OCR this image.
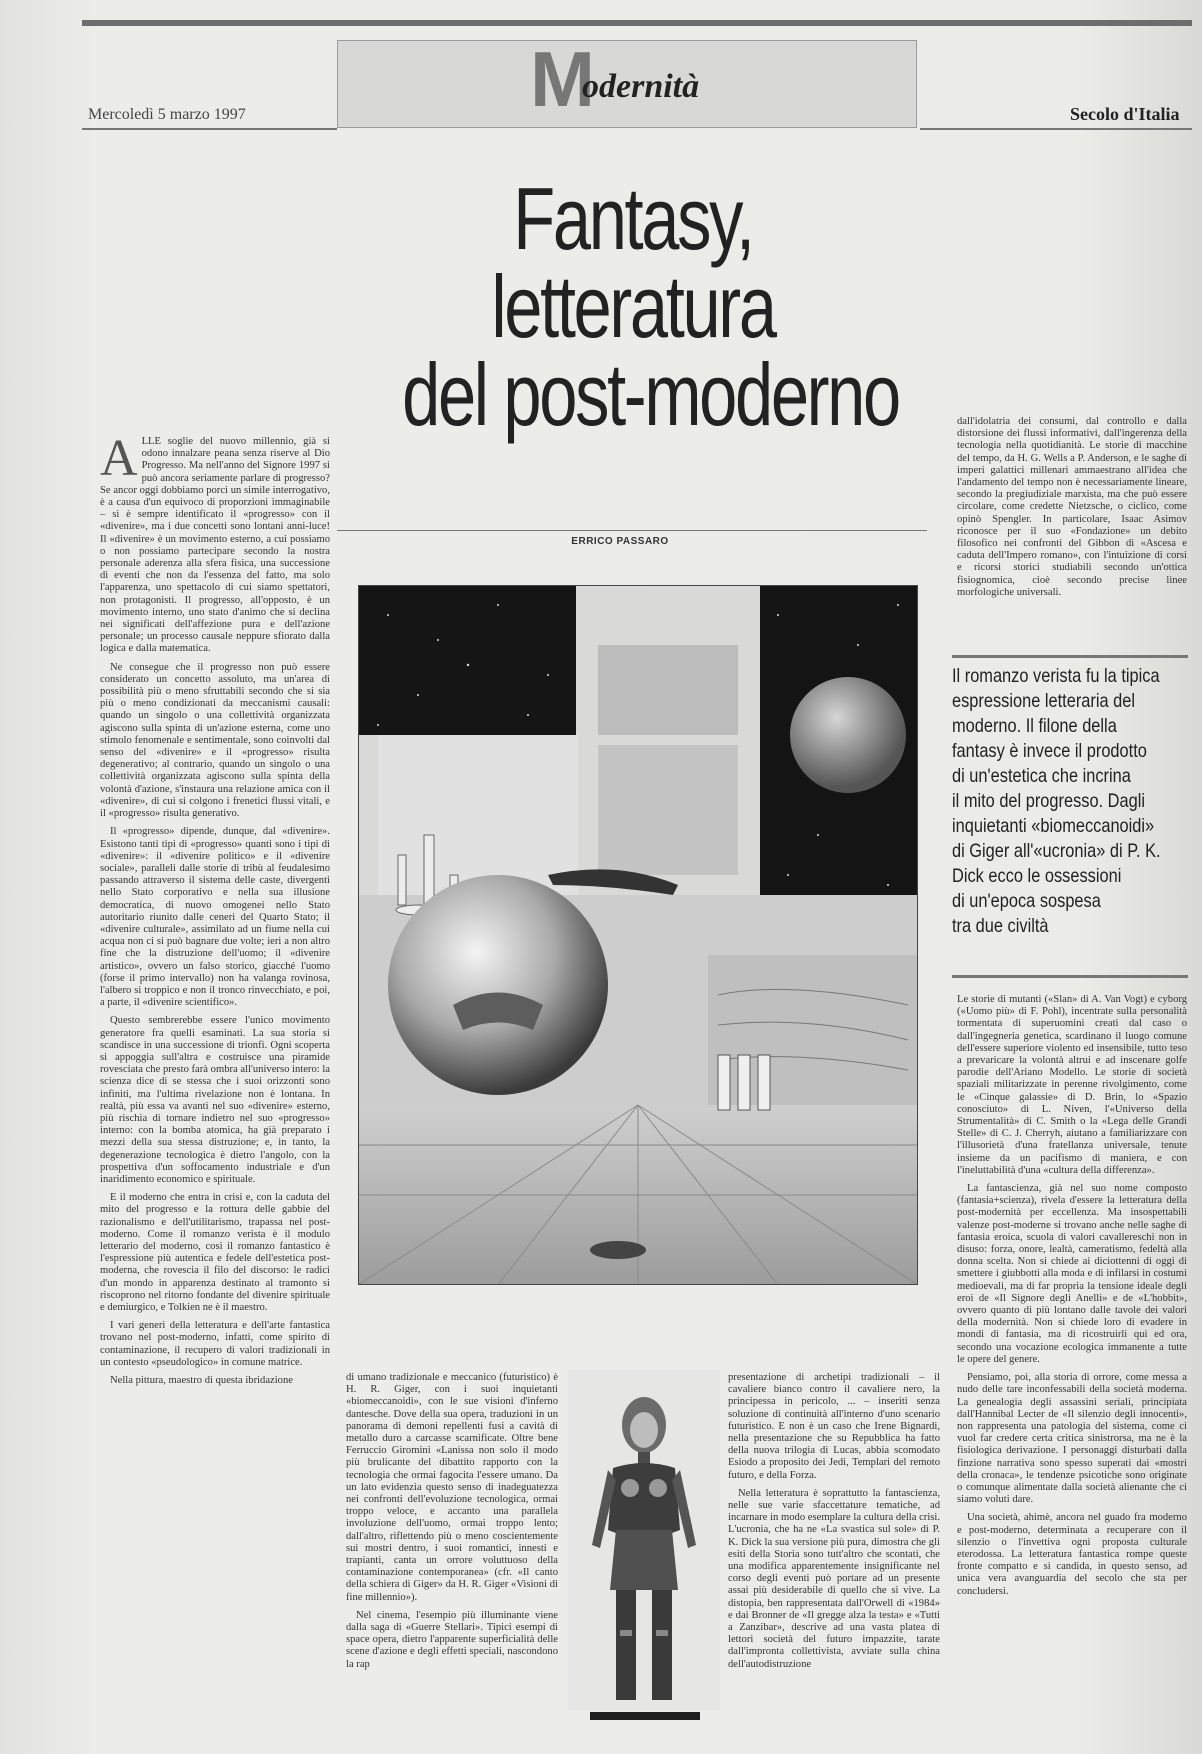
M
odernità
Mercoledì 5 marzo 1997	Secolo d'Italia
Fantasy,
letteratura
del post-moderno
ERRICO PASSARO

ALLE soglie del nuovo millennio, già si odono innalzare peana senza riserve al Dio Progresso. Ma nell'anno del Signore 1997 si può ancora seriamente parlare di progresso? Se ancor oggi dobbiamo porci un simile interrogativo, è a causa d'un equivoco di proporzioni immaginabile – si è sempre identificato il «progresso» con il «divenire», ma i due concetti sono lontani anni-luce! Il «divenire» è un movimento esterno, a cui possiamo o non possiamo partecipare secondo la nostra personale aderenza alla sfera fisica, una successione di eventi che non da l'essenza del fatto, ma solo l'apparenza, uno spettacolo di cui siamo spettatori, non protagonisti. Il progresso, all'opposto, è un movimento interno, uno stato d'animo che si declina nei significati dell'affezione pura e dell'azione personale; un processo causale neppure sfiorato dalla logica e dalla matematica.

Ne consegue che il progresso non può essere considerato un concetto assoluto, ma un'area di possibilità più o meno sfruttabili secondo che si sia più o meno condizionati da meccanismi causali: quando un singolo o una collettività organizzata agiscono sulla spinta di un'azione esterna, come uno stimolo fenomenale e sentimentale, sono coinvolti dal senso del «divenire» e il «progresso» risulta degenerativo; al contrario, quando un singolo o una collettività organizzata agiscono sulla spinta della volontà d'azione, s'instaura una relazione amica con il «divenire», di cui si colgono i frenetici flussi vitali, e il «progresso» risulta generativo.

Il «progresso» dipende, dunque, dal «divenire». Esistono tanti tipi di «progresso» quanti sono i tipi di «divenire»: il «divenire politico» e il «divenire sociale», paralleli dalle storie di tribù al feudalesimo passando attraverso il sistema delle caste, divergenti nello Stato corporativo e nella sua illusione democratica, di nuovo omogenei nello Stato autoritario riunito dalle ceneri del Quarto Stato; il «divenire culturale», assimilato ad un fiume nella cui acqua non ci si può bagnare due volte; ieri a non altro fine che la distruzione dell'uomo; il «divenire artistico», ovvero un falso storico, giacché l'uomo (forse il primo intervallo) non ha valanga rovinosa, l'albero si troppico e non il tronco rinvecchiato, e poi, a parte, il «divenire scientifico».

Questo sembrerebbe essere l'unico movimento generatore fra quelli esaminati. La sua storia si scandisce in una successione di trionfi. Ogni scoperta si appoggia sull'altra e costruisce una piramide rovesciata che presto farà ombra all'universo intero: la scienza dice di se stessa che i suoi orizzonti sono infiniti, ma l'ultima rivelazione non è lontana. In realtà, più essa va avanti nel suo «divenire» esterno, più rischia di tornare indietro nel suo «progresso» interno: con la bomba atomica, ha già preparato i mezzi della sua stessa distruzione; e, in tanto, la degenerazione tecnologica è dietro l'angolo, con la prospettiva d'un soffocamento industriale e d'un inaridimento economico e spirituale.

E il moderno che entra in crisi e, con la caduta del mito del progresso e la rottura delle gabbie del razionalismo e dell'utilitarismo, trapassa nel post-moderno. Come il romanzo verista è il modulo letterario del moderno, così il romanzo fantastico è l'espressione più autentica e fedele dell'estetica post-moderna, che rovescia il filo del discorso: le radici d'un mondo in apparenza destinato al tramonto si riscoprono nel ritorno fondante del divenire spirituale e demiurgico, e Tolkien ne è il maestro.

I vari generi della letteratura e dell'arte fantastica trovano nel post-moderno, infatti, come spirito di contaminazione, il recupero di valori tradizionali in un contesto «pseudologico» in comune matrice.

Nella pittura, maestro di questa ibridazione	di umano tradizionale e meccanico (futuristico) è H. R. Giger, con i suoi inquietanti «biomeccanoidi», con le sue visioni d'inferno dantesche. Dove della sua opera, traduzioni in un panorama di demoni repellenti fusi a cavità di metallo duro a carcasse scarnificate. Oltre bene Ferruccio Giromini «Lanissa non solo il modo più brulicante del dibattito rapporto con la tecnologia che ormai fagocita l'essere umano. Da un lato evidenzia questo senso di inadeguatezza nei confronti dell'evoluzione tecnologica, ormai troppo veloce, e accanto una parallela involuzione dell'uomo, ormai troppo lento; dall'altro, riflettendo più o meno coscientemente sui mostri dentro, i suoi romantici, innesti e trapianti, canta un orrore voluttuoso della contaminazione contemporanea» (cfr. «Il canto della schiera di Giger» da H. R. Giger «Visioni di fine millennio»).

Nel cinema, l'esempio più illuminante viene dalla saga di «Guerre Stellari». Tipici esempi di space opera, dietro l'apparente superficialità delle scene d'azione e degli effetti speciali, nascondono la rap

presentazione di archetipi tradizionali – il cavaliere bianco contro il cavaliere nero, la principessa in pericolo, ... – inseriti senza soluzione di continuità all'interno d'uno scenario futuristico. E non è un caso che Irene Bignardi, nella presentazione che su Repubblica ha fatto della nuova trilogia di Lucas, abbia scomodato Esiodo a proposito dei Jedi, Templari del remoto futuro, e della Forza.

Nella letteratura è soprattutto la fantascienza, nelle sue varie sfaccettature tematiche, ad incarnare in modo esemplare la cultura della crisi. L'ucronia, che ha ne «La svastica sul sole» di P. K. Dick la sua versione più pura, dimostra che gli esiti della Storia sono tutt'altro che scontati, che una modifica apparentemente insignificante nel corso degli eventi può portare ad un presente assai più desiderabile di quello che si vive. La distopia, ben rappresentata dall'Orwell di «1984» e dai Bronner de «Il gregge alza la testa» e «Tutti a Zanzibar», descrive ad una vasta platea di lettori società del futuro impazzite, tarate dall'impronta collettivista, avviate sulla china dell'autodistruzione

dall'idolatria dei consumi, dal controllo e dalla distorsione dei flussi informativi, dall'ingerenza della tecnologia nella quotidianità. Le storie di macchine del tempo, da H. G. Wells a P. Anderson, e le saghe di imperi galattici millenari ammaestrano all'idea che l'andamento del tempo non è necessariamente lineare, secondo la pregiudiziale marxista, ma che può essere circolare, come credette Nietzsche, o ciclico, come opinò Spengler. In particolare, Isaac Asimov riconosce per il suo «Fondazione» un debito filosofico nei confronti del Gibbon di «Ascesa e caduta dell'Impero romano», con l'intuizione di corsi e ricorsi storici studiabili secondo un'ottica fisiognomica, cioè secondo precise linee morfologiche universali.

Il romanzo verista fu la tipica
espressione letteraria del
moderno. Il filone della
fantasy è invece il prodotto
di un'estetica che incrina
il mito del progresso. Dagli
inquietanti «biomeccanoidi»
di Giger all'«ucronia» di P. K.
Dick ecco le ossessioni
di un'epoca sospesa
tra due civiltà

Le storie di mutanti («Slan» di A. Van Vogt) e cyborg («Uomo più» di F. Pohl), incentrate sulla personalità tormentata di superuomini creati dal caso o dall'ingegneria genetica, scardinano il luogo comune dell'essere superiore violento ed insensibile, tutto teso a prevaricare la volontà altrui e ad inscenare golfe parodie dell'Ariano Modello. Le storie di società spaziali militarizzate in perenne rivolgimento, come le «Cinque galassie» di D. Brin, lo «Spazio conosciuto» di L. Niven, l'«Universo della Strumentalità» di C. Smith o la «Lega delle Grandi Stelle» di C. J. Cherryh, aiutano a familiarizzare con l'illusorietà d'una fratellanza universale, tenute insieme da un pacifismo di maniera, e con l'ineluttabilità d'una «cultura della differenza».

La fantascienza, già nel suo nome composto (fantasia+scienza), rivela d'essere la letteratura della post-modernità per eccellenza. Ma insospettabili valenze post-moderne si trovano anche nelle saghe di fantasia eroica, scuola di valori cavallereschi non in disuso: forza, onore, lealtà, cameratismo, fedeltà alla donna scelta. Non si chiede ai diciottenni di oggi di smettere i giubbotti alla moda e di infilarsi in costumi medioevali, ma di far propria la tensione ideale degli eroi de «Il Signore degli Anelli» e de «L'hobbit», ovvero quanto di più lontano dalle tavole dei valori della modernità. Non si chiede loro di evadere in mondi di fantasia, ma di ricostruirli qui ed ora, secondo una vocazione ecologica immanente a tutte le opere del genere.

Pensiamo, poi, alla storia di orrore, come messa a nudo delle tare inconfessabili della società moderna. La genealogia degli assassini seriali, principiata dall'Hannibal Lecter de «Il silenzio degli innocenti», non rappresenta una patologia del sistema, come ci vuol far credere certa critica sinistrorsa, ma ne è la fisiologica derivazione. I personaggi disturbati dalla finzione narrativa sono spesso superati dai «mostri della cronaca», le tendenze psicotiche sono originate o comunque alimentate dalla società alienante che ci siamo voluti dare.

Una società, ahimè, ancora nel guado fra moderno e post-moderno, determinata a recuperare con il silenzio o l'invettiva ogni proposta culturale eterodossa. La letteratura fantastica rompe queste fronte compatto e si candida, in questo senso, ad unica vera avanguardia del secolo che sta per concludersi.
